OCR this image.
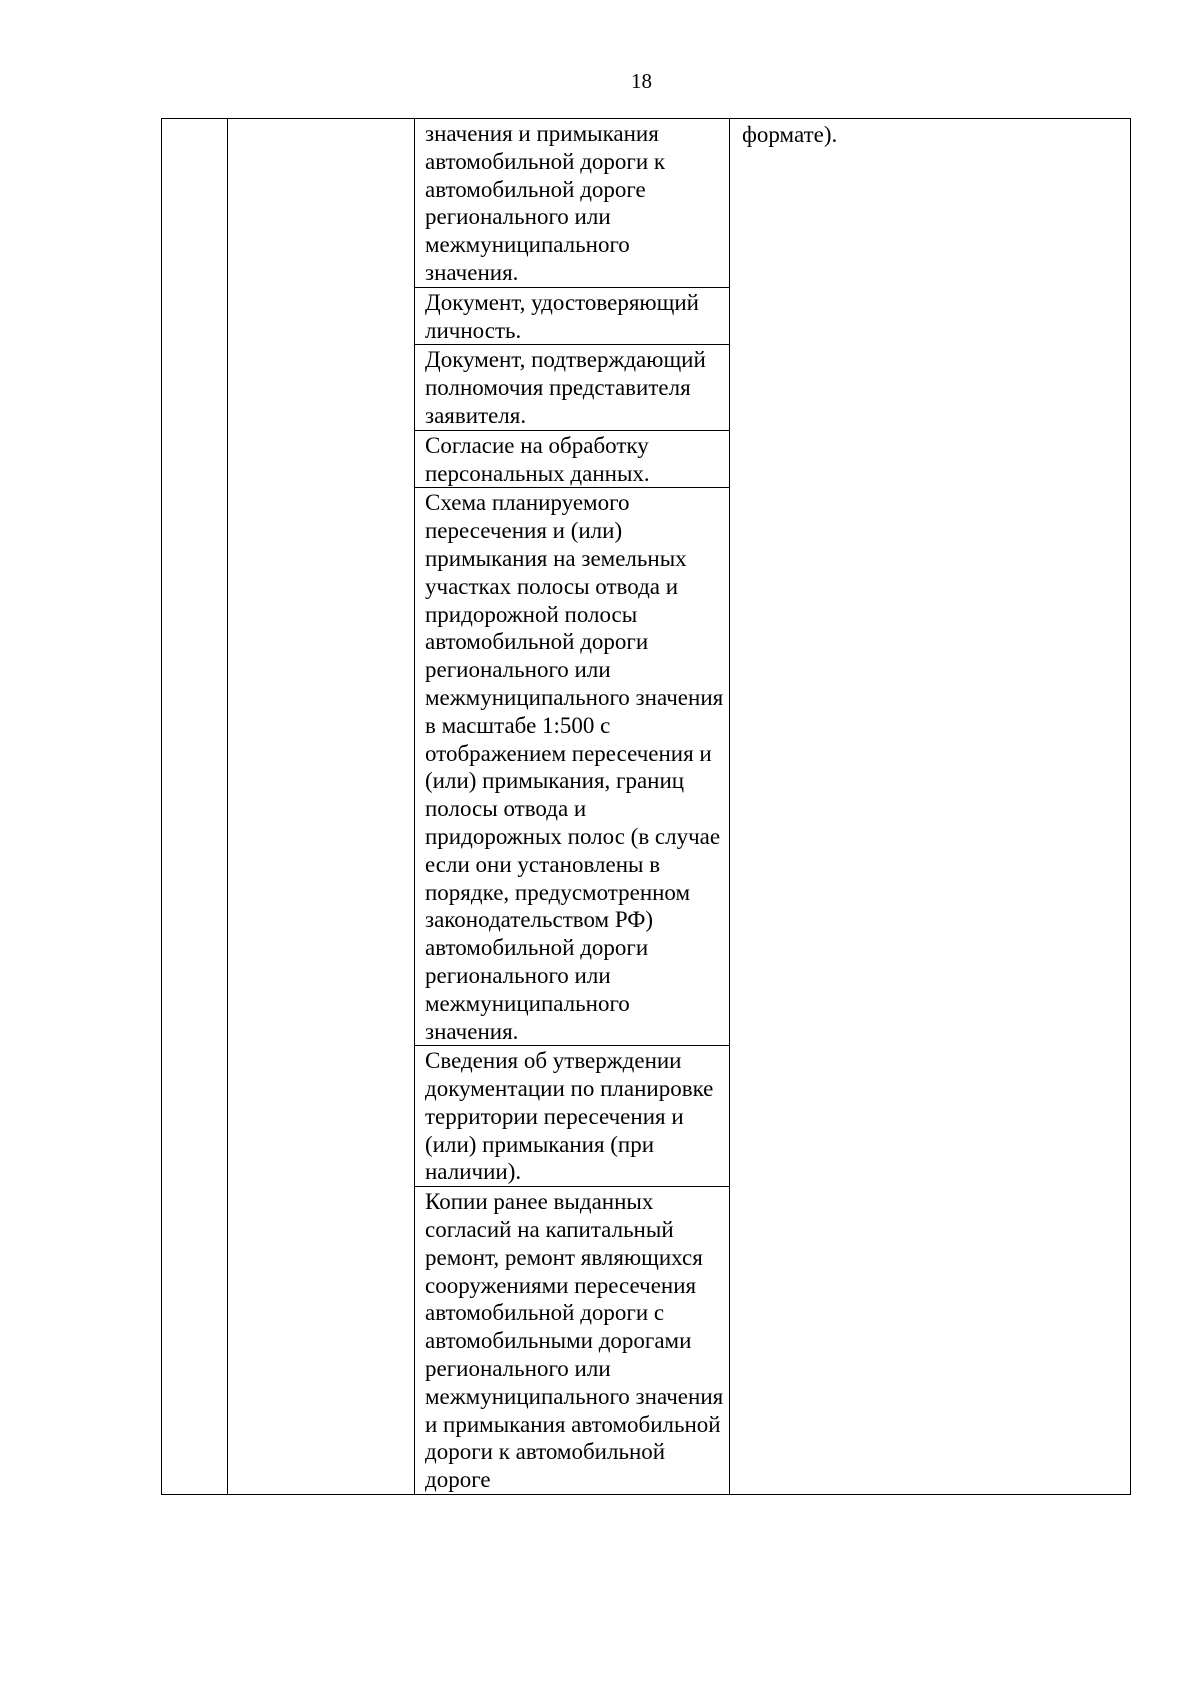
18

значения и примыкания автомобильной дороги к автомобильной дороге регионального или межмуниципального значения.
Документ, удостоверяющий личность.
Документ, подтверждающий полномочия представителя заявителя.
Согласие на обработку персональных данных.
Схема планируемого пересечения и (или) примыкания на земельных участках полосы отвода и придорожной полосы автомобильной дороги регионального или межмуниципального значения в масштабе 1:500 с отображением пересечения и (или) примыкания, границ полосы отвода и придорожных полос (в случае если они установлены в порядке, предусмотренном законодательством РФ) автомобильной дороги регионального или межмуниципального значения.
Сведения об утверждении документации по планировке территории пересечения и (или) примыкания (при наличии).
Копии ранее выданных согласий на капитальный ремонт, ремонт являющихся сооружениями пересечения автомобильной дороги с автомобильными дорогами регионального или межмуниципального значения и примыкания автомобильной дороги к автомобильной дороге

формате).
